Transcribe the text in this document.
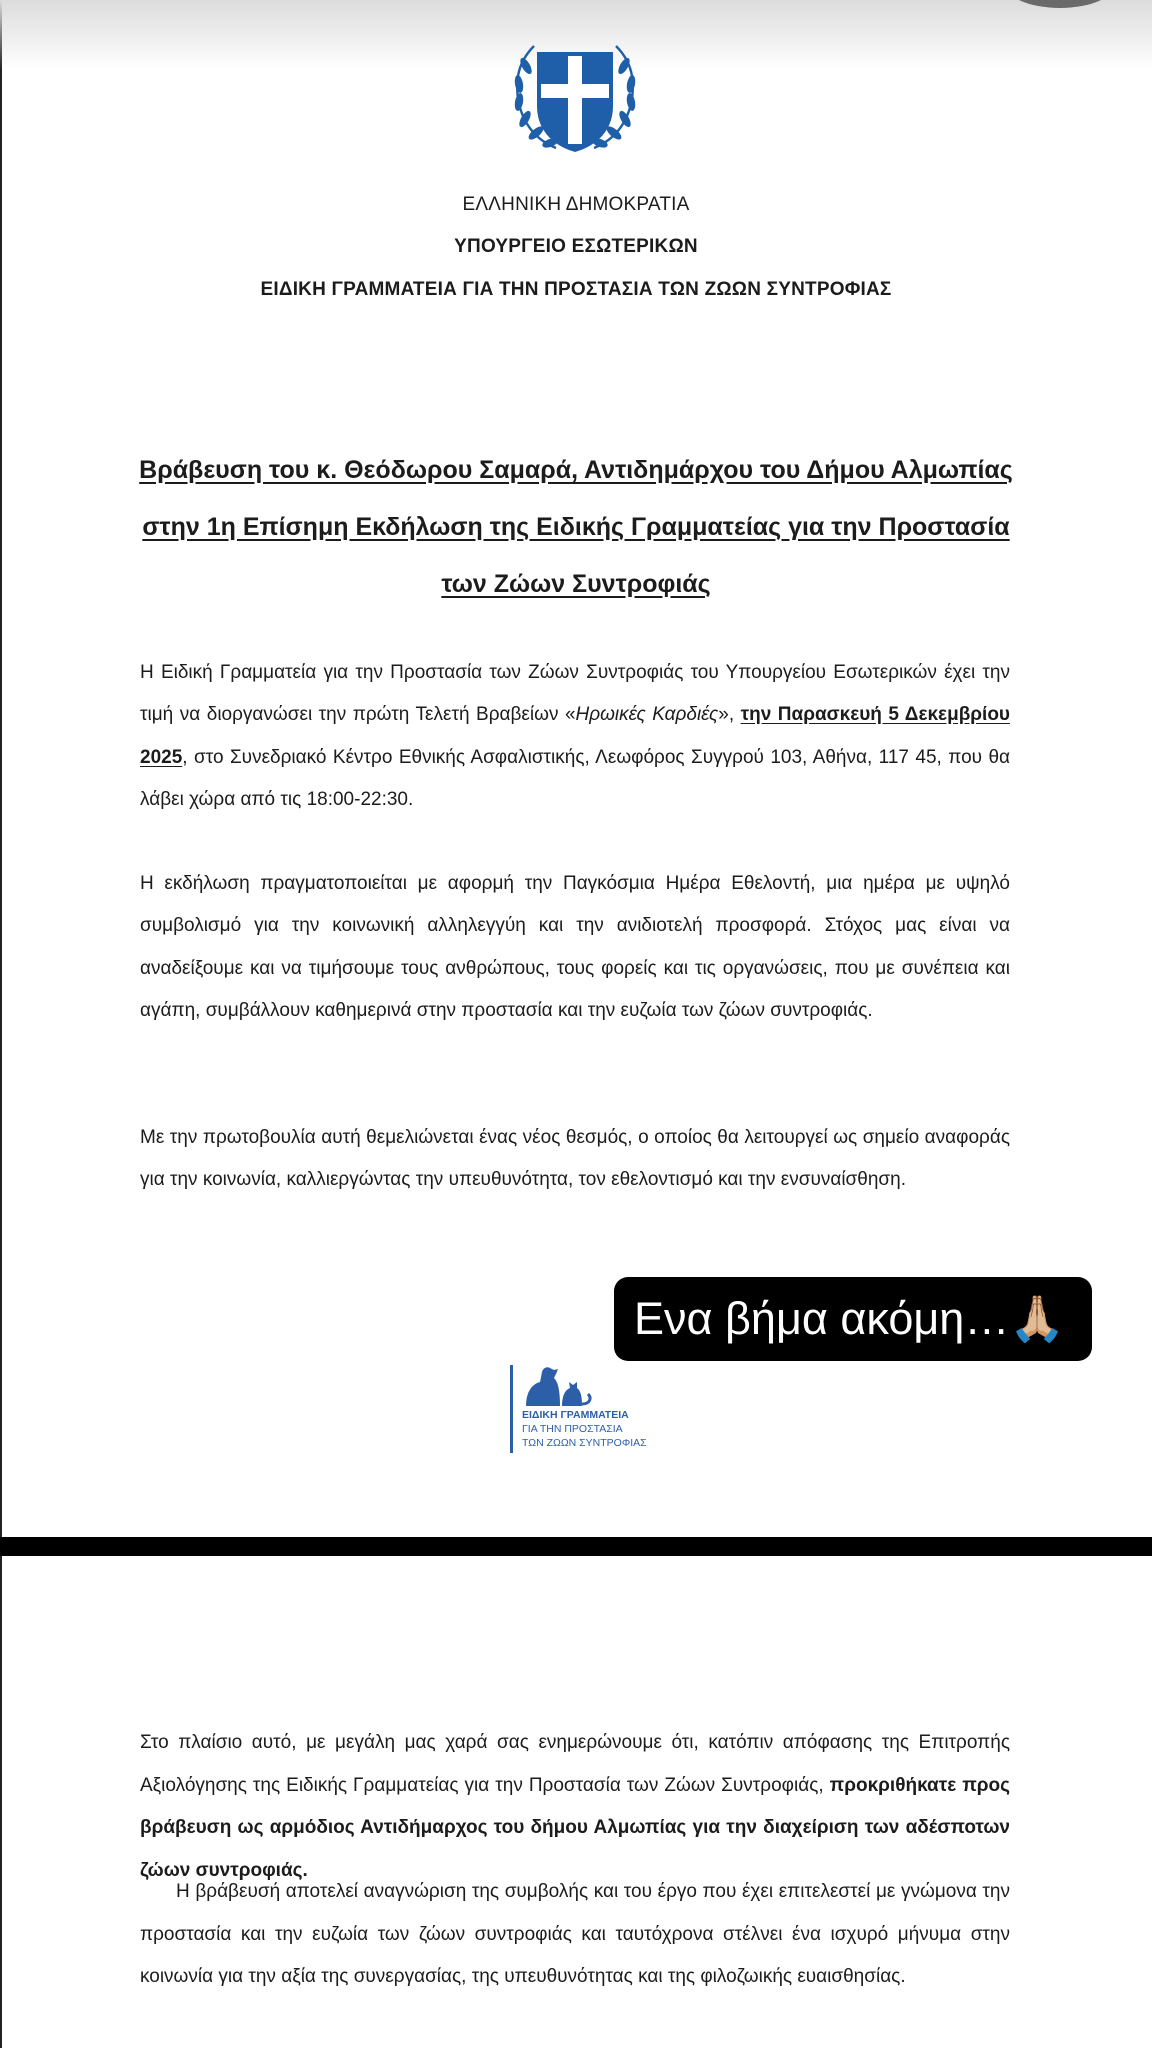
ΕΛΛΗΝΙΚΗ ΔΗΜΟΚΡΑΤΙΑ
ΥΠΟΥΡΓΕΙΟ ΕΣΩΤΕΡΙΚΩΝ
ΕΙΔΙΚΗ ΓΡΑΜΜΑΤΕΙΑ ΓΙΑ ΤΗΝ ΠΡΟΣΤΑΣΙΑ ΤΩΝ ΖΩΩΝ ΣΥΝΤΡΟΦΙΑΣ
Βράβευση του κ. Θεόδωρου Σαμαρά, Αντιδημάρχου του Δήμου Αλμωπίας στην 1η Επίσημη Εκδήλωση της Ειδικής Γραμματείας για την Προστασία των Ζώων Συντροφιάς
Η Ειδική Γραμματεία για την Προστασία των Ζώων Συντροφιάς του Υπουργείου Εσωτερικών έχει την τιμή να διοργανώσει την πρώτη Τελετή Βραβείων «Ηρωικές Καρδιές», την Παρασκευή 5 Δεκεμβρίου 2025, στο Συνεδριακό Κέντρο Εθνικής Ασφαλιστικής, Λεωφόρος Συγγρού 103, Αθήνα, 117 45, που θα λάβει χώρα από τις 18:00-22:30.
Η εκδήλωση πραγματοποιείται με αφορμή την Παγκόσμια Ημέρα Εθελοντή, μια ημέρα με υψηλό συμβολισμό για την κοινωνική αλληλεγγύη και την ανιδιοτελή προσφορά. Στόχος μας είναι να αναδείξουμε και να τιμήσουμε τους ανθρώπους, τους φορείς και τις οργανώσεις, που με συνέπεια και αγάπη, συμβάλλουν καθημερινά στην προστασία και την ευζωία των ζώων συντροφιάς.
Με την πρωτοβουλία αυτή θεμελιώνεται ένας νέος θεσμός, ο οποίος θα λειτουργεί ως σημείο αναφοράς για την κοινωνία, καλλιεργώντας την υπευθυνότητα, τον εθελοντισμό και την ενσυναίσθηση.
Ενα βήμα ακόμη…🙏🏼
ΕΙΔΙΚΗ ΓΡΑΜΜΑΤΕΙΑ
ΓΙΑ ΤΗΝ ΠΡΟΣΤΑΣΙΑ
ΤΩΝ ΖΩΩΝ ΣΥΝΤΡΟΦΙΑΣ
Στο πλαίσιο αυτό, με μεγάλη μας χαρά σας ενημερώνουμε ότι, κατόπιν απόφασης της Επιτροπής Αξιολόγησης της Ειδικής Γραμματείας για την Προστασία των Ζώων Συντροφιάς, προκριθήκατε προς βράβευση ως αρμόδιος Αντιδήμαρχος του δήμου Αλμωπίας για την διαχείριση των αδέσποτων ζώων συντροφιάς.
Η βράβευσή αποτελεί αναγνώριση της συμβολής και του έργο που έχει επιτελεστεί με γνώμονα την προστασία και την ευζωία των ζώων συντροφιάς και ταυτόχρονα στέλνει ένα ισχυρό μήνυμα στην κοινωνία για την αξία της συνεργασίας, της υπευθυνότητας και της φιλοζωικής ευαισθησίας.
